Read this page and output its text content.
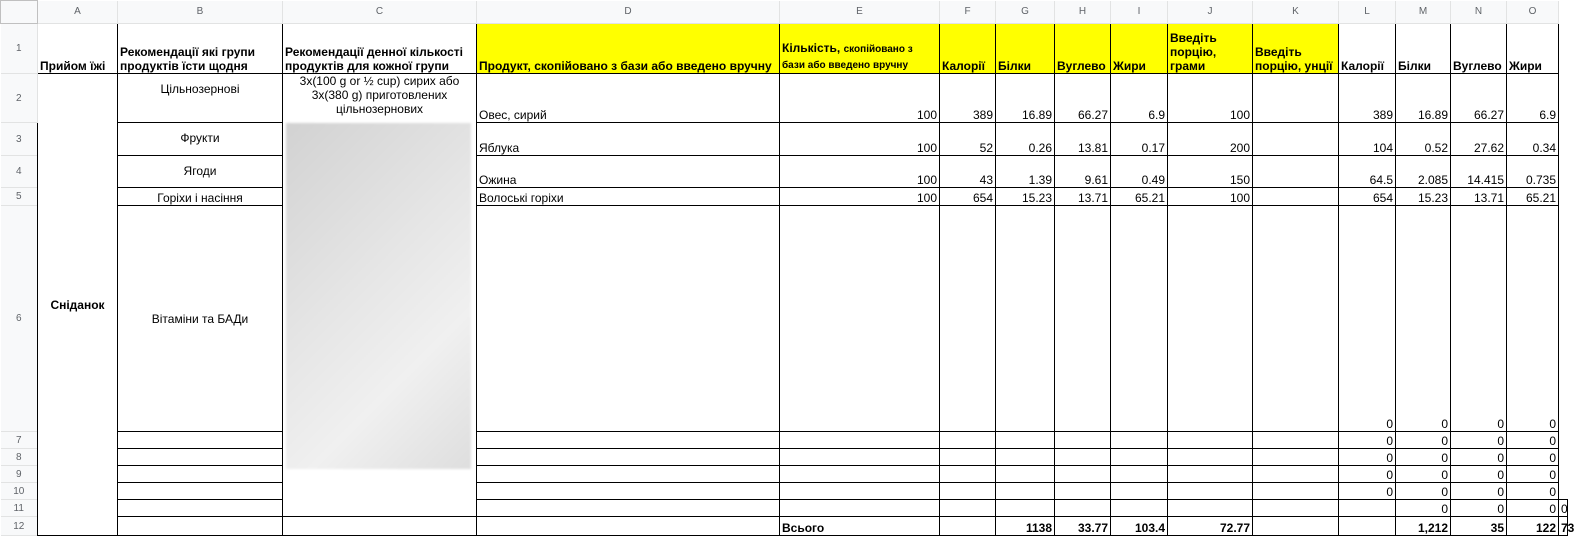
	A	B	C	D	E	F	G	H	I	J	K	L	M	N	O	
1	Прийом їжі	Рекомендації які групи продуктів їсти щодня	Рекомендації денної кількості продуктів для кожної групи	Продукт, скопійовано з бази або введено вручну	Кількість, скопійовано з бази або введено вручну	Калорії	Білки	Вуглево	Жири	Введіть порцію, грами	Введіть порцію, унції	Калорії	Білки	Вуглево	Жири	
2	Сніданок	Цільнозернові	3x(100 g or ½ cup) сирих або 3x(380 g) приготовлених цільнозернових	Овес, сирий	100	389	16.89	66.27	6.9	100		389	16.89	66.27	6.9	
3		Фрукти		Яблука	100	52	0.26	13.81	0.17	200		104	0.52	27.62	0.34	
4		Ягоди		Ожина	100	43	1.39	9.61	0.49	150		64.5	2.085	14.415	0.735	
5		Горіхи і насіння		Волоські горіхи	100	654	15.23	13.71	65.21	100		654	15.23	13.71	65.21	
6		Вітаміни та БАДи										0	0	0	0	
7												0	0	0	0	
8												0	0	0	0	
9												0	0	0	0	
10												0	0	0	0	
11													0	0	0	0
12					Всього		1138	33.77	103.4	72.77			1,212	35	122	73
